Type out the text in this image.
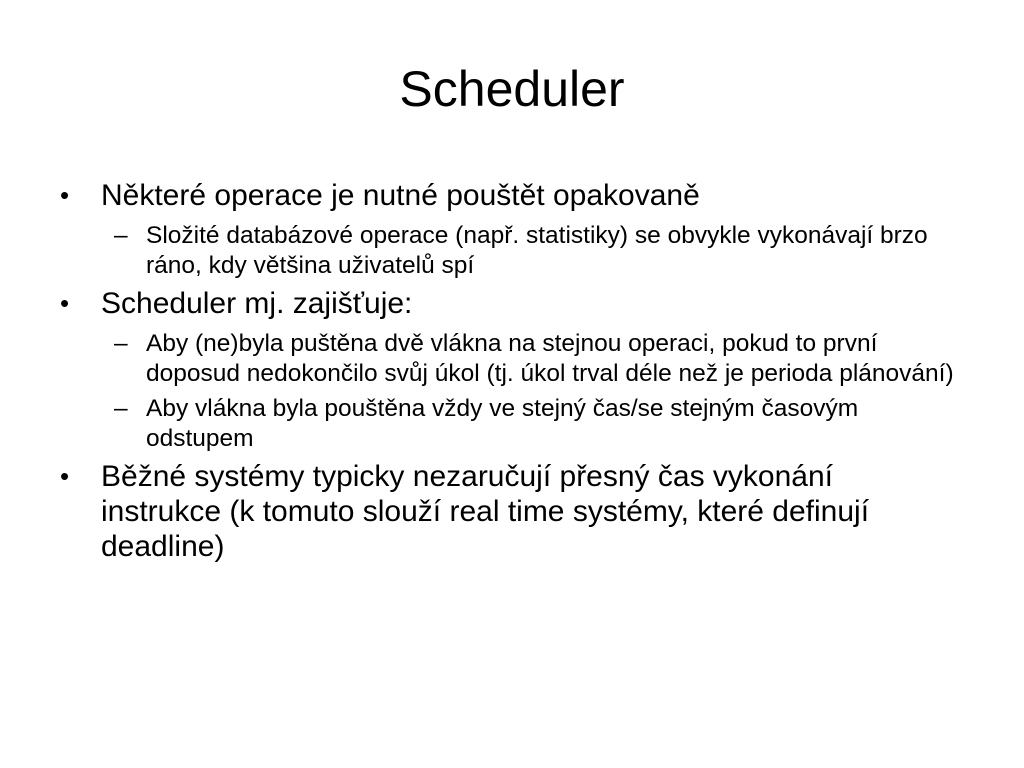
Scheduler
•	Některé operace je nutné pouštět opakovaně
– Složité databázové operace (např. statistiky) se obvykle vykonávají brzo ráno, kdy většina uživatelů spí
•	Scheduler mj. zajišťuje:
– Aby (ne)byla puštěna dvě vlákna na stejnou operaci, pokud to první doposud nedokončilo svůj úkol (tj. úkol trval déle než je perioda plánování)
– Aby vlákna byla pouštěna vždy ve stejný čas/se stejným časovým odstupem
•	Běžné systémy typicky nezaručují přesný čas vykonání instrukce (k tomuto slouží real time systémy, které definují deadline)
